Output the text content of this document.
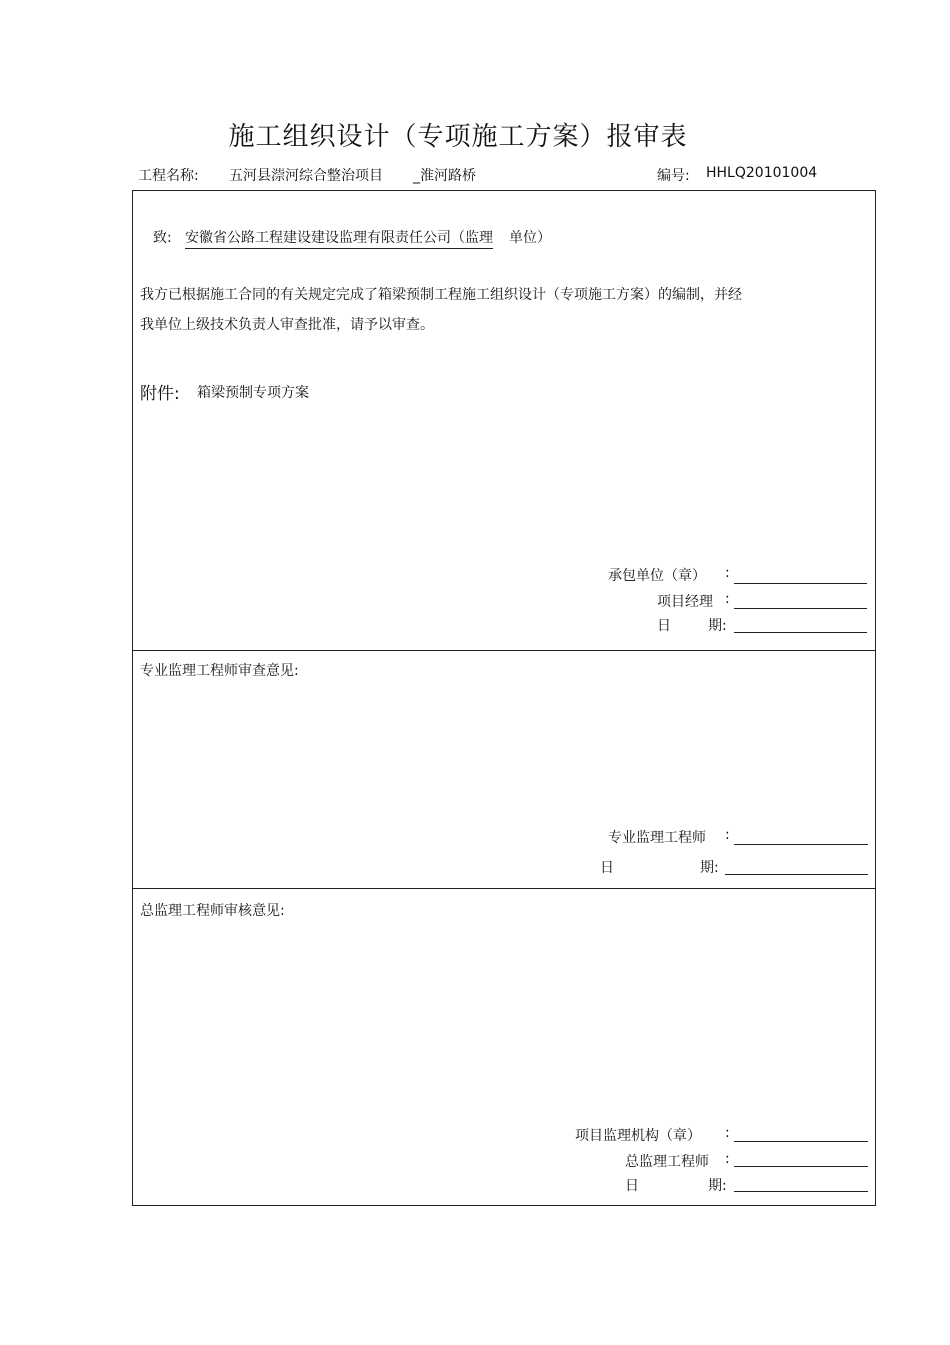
施工组织设计（专项施工方案）报审表
工程名称: 五河县漴河综合整治项目 _淮河路桥	编号: HHLQ20101004
致: 安徽省公路工程建设建设监理有限责任公司（监理 单位）
我方已根据施工合同的有关规定完成了箱梁预制工程施工组织设计（专项施工方案）的编制，并经
我单位上级技术负责人审查批准，请予以审查。
附件: 箱梁预制专项方案
承包单位（章） :
项目经理 :
日	期:
专业监理工程师审查意见:
专业监理工程师 :
日	期:
总监理工程师审核意见:
项目监理机构（章） :
总监理工程师 :
日	期:
